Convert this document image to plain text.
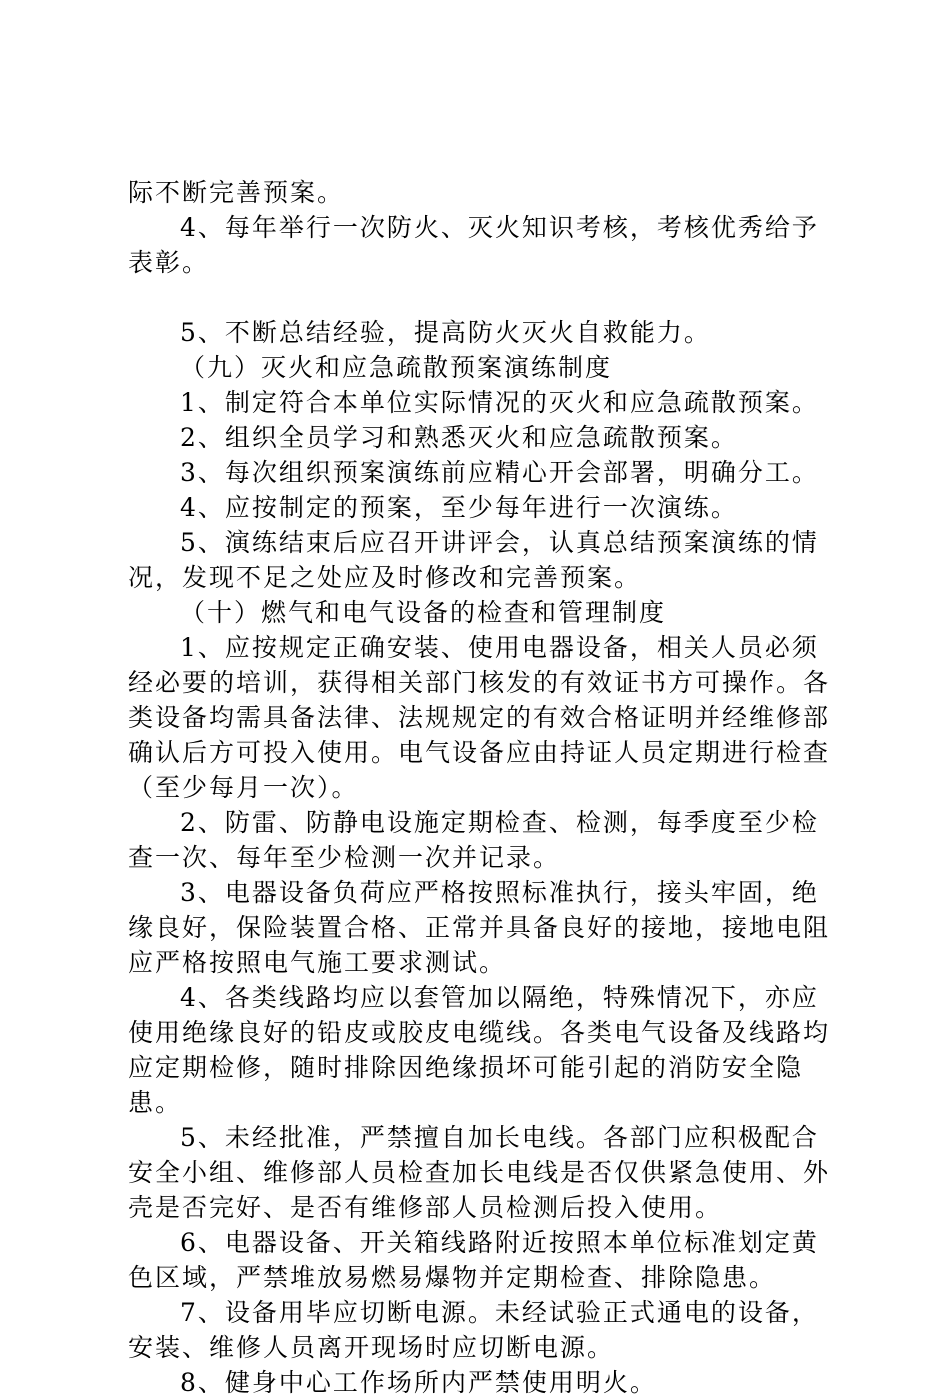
际不断完善预案。

4、每年举行一次防火、灭火知识考核，考核优秀给予表彰。

5、不断总结经验，提高防火灭火自救能力。

（九）灭火和应急疏散预案演练制度

1、制定符合本单位实际情况的灭火和应急疏散预案。

2、组织全员学习和熟悉灭火和应急疏散预案。

3、每次组织预案演练前应精心开会部署，明确分工。

4、应按制定的预案，至少每年进行一次演练。

5、演练结束后应召开讲评会，认真总结预案演练的情况，发现不足之处应及时修改和完善预案。

（十）燃气和电气设备的检查和管理制度

1、应按规定正确安装、使用电器设备，相关人员必须经必要的培训，获得相关部门核发的有效证书方可操作。各类设备均需具备法律、法规规定的有效合格证明并经维修部确认后方可投入使用。电气设备应由持证人员定期进行检查（至少每月一次）。

2、防雷、防静电设施定期检查、检测，每季度至少检查一次、每年至少检测一次并记录。

3、电器设备负荷应严格按照标准执行，接头牢固，绝缘良好，保险装置合格、正常并具备良好的接地，接地电阻应严格按照电气施工要求测试。

4、各类线路均应以套管加以隔绝，特殊情况下，亦应使用绝缘良好的铅皮或胶皮电缆线。各类电气设备及线路均应定期检修，随时排除因绝缘损坏可能引起的消防安全隐患。

5、未经批准，严禁擅自加长电线。各部门应积极配合安全小组、维修部人员检查加长电线是否仅供紧急使用、外壳是否完好、是否有维修部人员检测后投入使用。

6、电器设备、开关箱线路附近按照本单位标准划定黄色区域，严禁堆放易燃易爆物并定期检查、排除隐患。

7、设备用毕应切断电源。未经试验正式通电的设备，安装、维修人员离开现场时应切断电源。

8、健身中心工作场所内严禁使用明火。
